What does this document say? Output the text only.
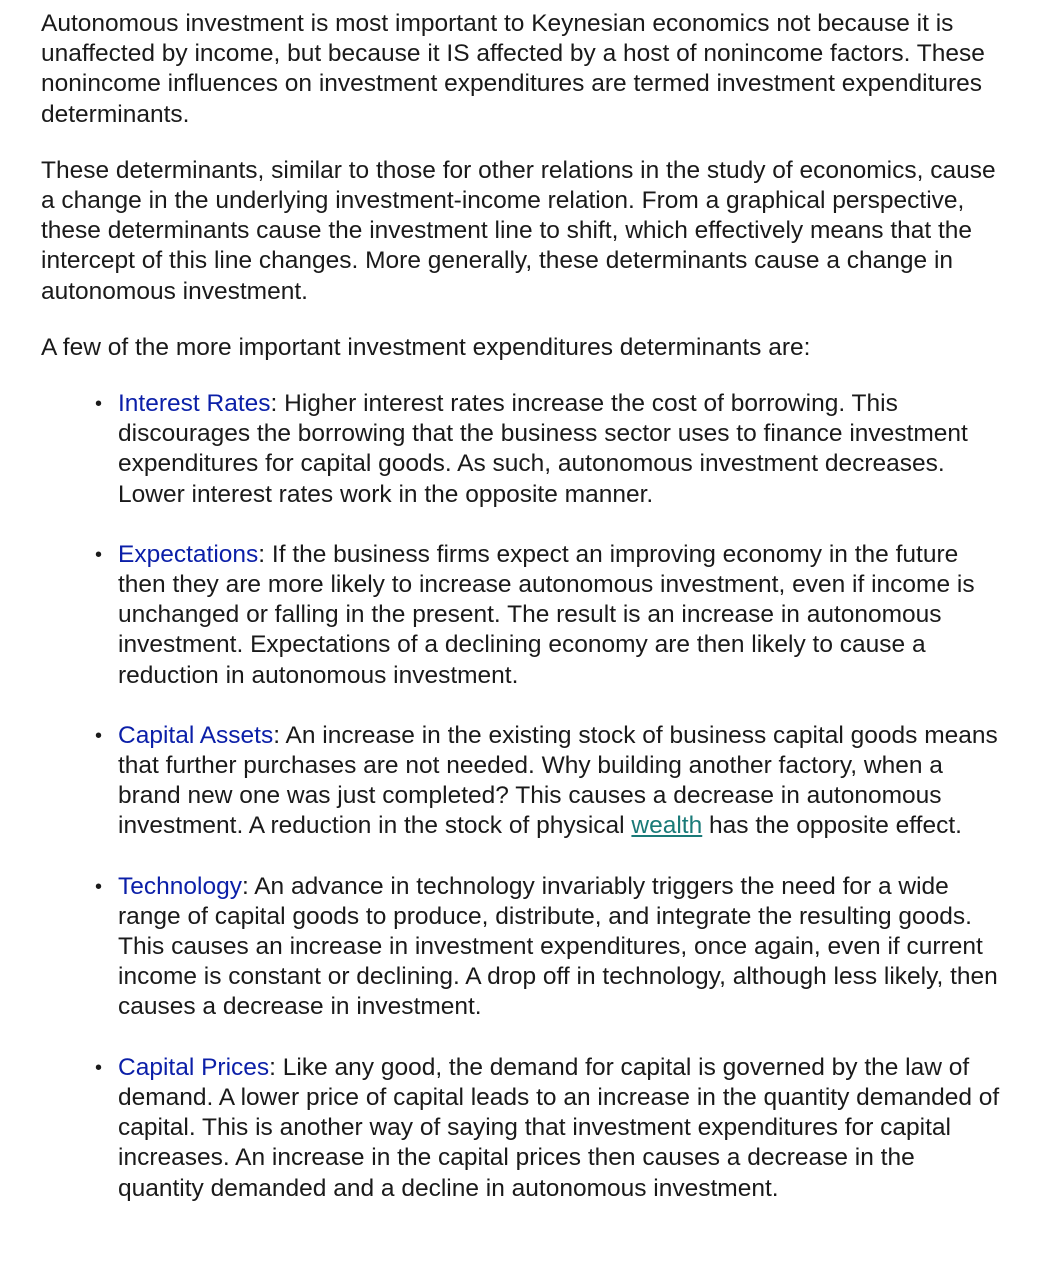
Autonomous investment is most important to Keynesian economics not because it is unaffected by income, but because it IS affected by a host of nonincome factors. These nonincome influences on investment expenditures are termed investment expenditures determinants.

These determinants, similar to those for other relations in the study of economics, cause a change in the underlying investment-income relation. From a graphical perspective, these determinants cause the investment line to shift, which effectively means that the intercept of this line changes. More generally, these determinants cause a change in autonomous investment.

A few of the more important investment expenditures determinants are:

• Interest Rates: Higher interest rates increase the cost of borrowing. This discourages the borrowing that the business sector uses to finance investment expenditures for capital goods. As such, autonomous investment decreases. Lower interest rates work in the opposite manner.
• Expectations: If the business firms expect an improving economy in the future then they are more likely to increase autonomous investment, even if income is unchanged or falling in the present. The result is an increase in autonomous investment. Expectations of a declining economy are then likely to cause a reduction in autonomous investment.
• Capital Assets: An increase in the existing stock of business capital goods means that further purchases are not needed. Why building another factory, when a brand new one was just completed? This causes a decrease in autonomous investment. A reduction in the stock of physical wealth has the opposite effect.
• Technology: An advance in technology invariably triggers the need for a wide range of capital goods to produce, distribute, and integrate the resulting goods. This causes an increase in investment expenditures, once again, even if current income is constant or declining. A drop off in technology, although less likely, then causes a decrease in investment.
• Capital Prices: Like any good, the demand for capital is governed by the law of demand. A lower price of capital leads to an increase in the quantity demanded of capital. This is another way of saying that investment expenditures for capital increases. An increase in the capital prices then causes a decrease in the quantity demanded and a decline in autonomous investment.
